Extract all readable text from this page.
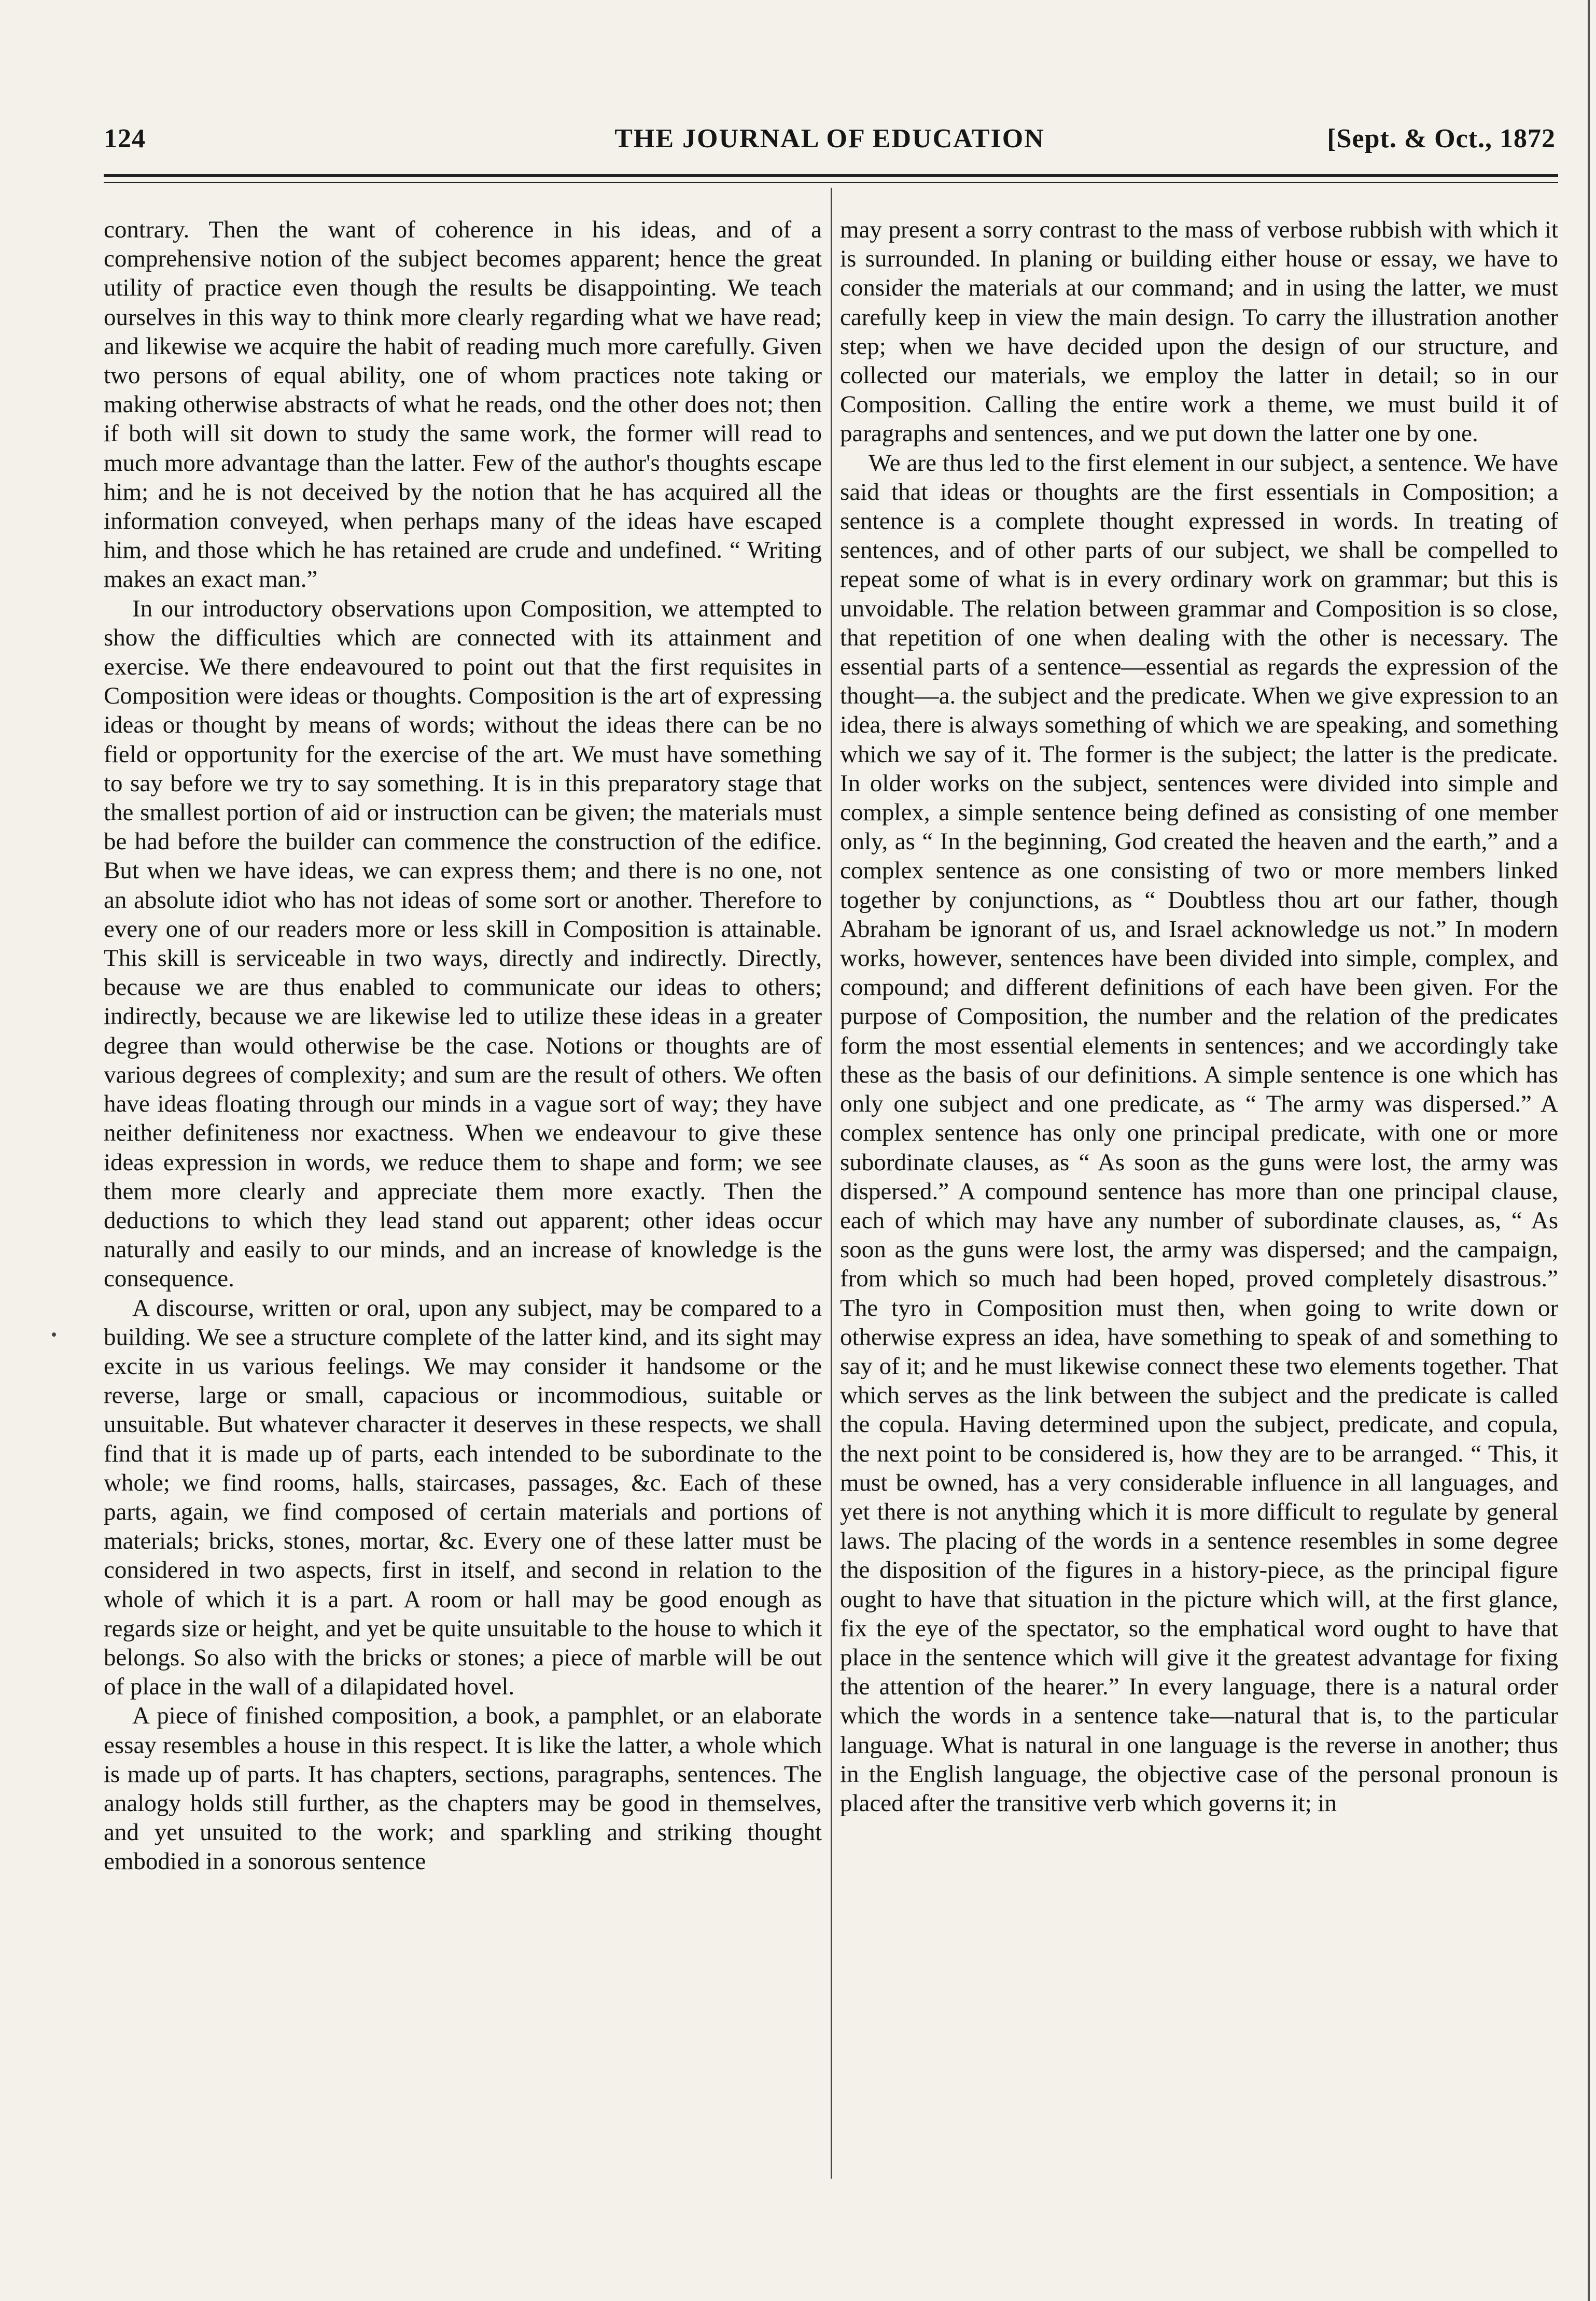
124	THE JOURNAL OF EDUCATION	[Sept. & Oct., 1872

contrary. Then the want of coherence in his ideas, and of a comprehensive notion of the subject becomes apparent; hence the great utility of practice even though the results be disappointing. We teach ourselves in this way to think more clearly regarding what we have read; and likewise we acquire the habit of reading much more carefully. Given two persons of equal ability, one of whom practices note taking or making otherwise abstracts of what he reads, ond the other does not; then if both will sit down to study the same work, the former will read to much more advantage than the latter. Few of the author's thoughts escape him; and he is not deceived by the notion that he has acquired all the information conveyed, when perhaps many of the ideas have escaped him, and those which he has retained are crude and undefined. “ Writing makes an exact man.”

In our introductory observations upon Composition, we attempted to show the difficulties which are connected with its attainment and exercise. We there endeavoured to point out that the first requisites in Composition were ideas or thoughts. Composition is the art of expressing ideas or thought by means of words; without the ideas there can be no field or opportunity for the exercise of the art. We must have something to say before we try to say something. It is in this preparatory stage that the smallest portion of aid or instruction can be given; the materials must be had before the builder can commence the construction of the edifice. But when we have ideas, we can express them; and there is no one, not an absolute idiot who has not ideas of some sort or another. Therefore to every one of our readers more or less skill in Composition is attainable. This skill is serviceable in two ways, directly and indirectly. Directly, because we are thus enabled to communicate our ideas to others; indirectly, because we are likewise led to utilize these ideas in a greater degree than would otherwise be the case. Notions or thoughts are of various degrees of complexity; and sum are the result of others. We often have ideas floating through our minds in a vague sort of way; they have neither definiteness nor exactness. When we endeavour to give these ideas expression in words, we reduce them to shape and form; we see them more clearly and appreciate them more exactly. Then the deductions to which they lead stand out apparent; other ideas occur naturally and easily to our minds, and an increase of knowledge is the consequence.

A discourse, written or oral, upon any subject, may be compared to a building. We see a structure complete of the latter kind, and its sight may excite in us various feelings. We may consider it handsome or the reverse, large or small, capacious or incommodious, suitable or unsuitable. But whatever character it deserves in these respects, we shall find that it is made up of parts, each intended to be subordinate to the whole; we find rooms, halls, staircases, passages, &c. Each of these parts, again, we find composed of certain materials and portions of materials; bricks, stones, mortar, &c. Every one of these latter must be considered in two aspects, first in itself, and second in relation to the whole of which it is a part. A room or hall may be good enough as regards size or height, and yet be quite unsuitable to the house to which it belongs. So also with the bricks or stones; a piece of marble will be out of place in the wall of a dilapidated hovel.

A piece of finished composition, a book, a pamphlet, or an elaborate essay resembles a house in this respect. It is like the latter, a whole which is made up of parts. It has chapters, sections, paragraphs, sentences. The analogy holds still further, as the chapters may be good in themselves, and yet unsuited to the work; and sparkling and striking thought embodied in a sonorous sentence

may present a sorry contrast to the mass of verbose rubbish with which it is surrounded. In planing or building either house or essay, we have to consider the materials at our command; and in using the latter, we must carefully keep in view the main design. To carry the illustration another step; when we have decided upon the design of our structure, and collected our materials, we employ the latter in detail; so in our Composition. Calling the entire work a theme, we must build it of paragraphs and sentences, and we put down the latter one by one.

We are thus led to the first element in our subject, a sentence. We have said that ideas or thoughts are the first essentials in Composition; a sentence is a complete thought expressed in words. In treating of sentences, and of other parts of our subject, we shall be compelled to repeat some of what is in every ordinary work on grammar; but this is unvoidable. The relation between grammar and Composition is so close, that repetition of one when dealing with the other is necessary. The essential parts of a sentence—essential as regards the expression of the thought—a. the subject and the predicate. When we give expression to an idea, there is always something of which we are speaking, and something which we say of it. The former is the subject; the latter is the predicate. In older works on the subject, sentences were divided into simple and complex, a simple sentence being defined as consisting of one member only, as “ In the beginning, God created the heaven and the earth,” and a complex sentence as one consisting of two or more members linked together by conjunctions, as “ Doubtless thou art our father, though Abraham be ignorant of us, and Israel acknowledge us not.” In modern works, however, sentences have been divided into simple, complex, and compound; and different definitions of each have been given. For the purpose of Composition, the number and the relation of the predicates form the most essential elements in sentences; and we accordingly take these as the basis of our definitions. A simple sentence is one which has only one subject and one predicate, as “ The army was dispersed.” A complex sentence has only one principal predicate, with one or more subordinate clauses, as “ As soon as the guns were lost, the army was dispersed.” A compound sentence has more than one principal clause, each of which may have any number of subordinate clauses, as, “ As soon as the guns were lost, the army was dispersed; and the campaign, from which so much had been hoped, proved completely disastrous.” The tyro in Composition must then, when going to write down or otherwise express an idea, have something to speak of and something to say of it; and he must likewise connect these two elements together. That which serves as the link between the subject and the predicate is called the copula. Having determined upon the subject, predicate, and copula, the next point to be considered is, how they are to be arranged. “ This, it must be owned, has a very considerable influence in all languages, and yet there is not anything which it is more difficult to regulate by general laws. The placing of the words in a sentence resembles in some degree the disposition of the figures in a history-piece, as the principal figure ought to have that situation in the picture which will, at the first glance, fix the eye of the spectator, so the emphatical word ought to have that place in the sentence which will give it the greatest advantage for fixing the attention of the hearer.” In every language, there is a natural order which the words in a sentence take—natural that is, to the particular language. What is natural in one language is the reverse in another; thus in the English language, the objective case of the personal pronoun is placed after the transitive verb which governs it; in
